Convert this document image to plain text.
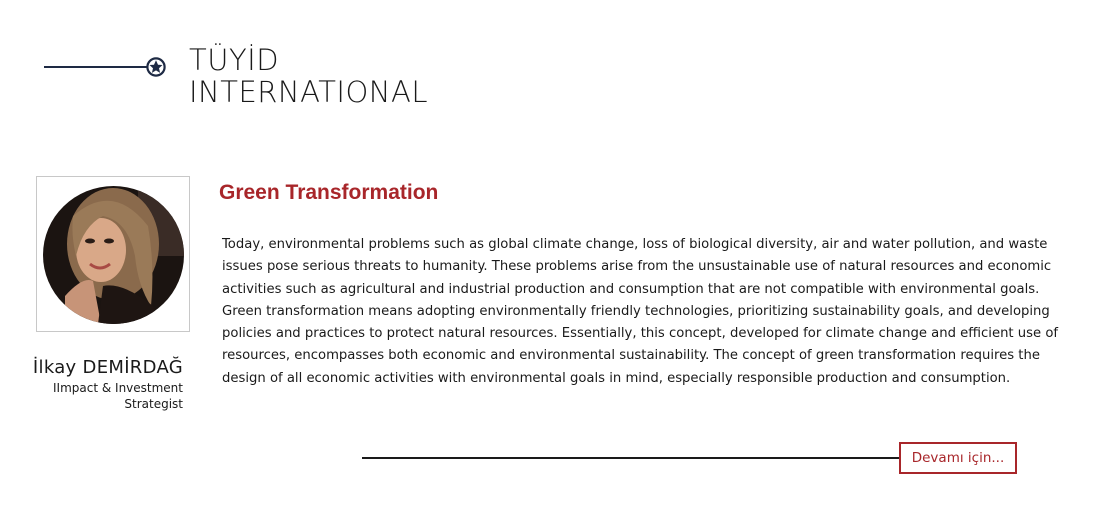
TÜYİD
INTERNATIONAL
İlkay DEMİRDAĞ
IImpact & Investment Strategist
Green Transformation

Today, environmental problems such as global climate change, loss of biological diversity, air and water pollution, and waste issues pose serious threats to humanity. These problems arise from the unsustainable use of natural resources and economic activities such as agricultural and industrial production and consumption that are not compatible with environmental goals. Green transformation means adopting environmentally friendly technologies, prioritizing sustainability goals, and developing policies and practices to protect natural resources. Essentially, this concept, developed for climate change and efficient use of resources, encompasses both economic and environmental sustainability. The concept of green transformation requires the design of all economic activities with environmental goals in mind, especially responsible production and consumption.

Devamı için...
